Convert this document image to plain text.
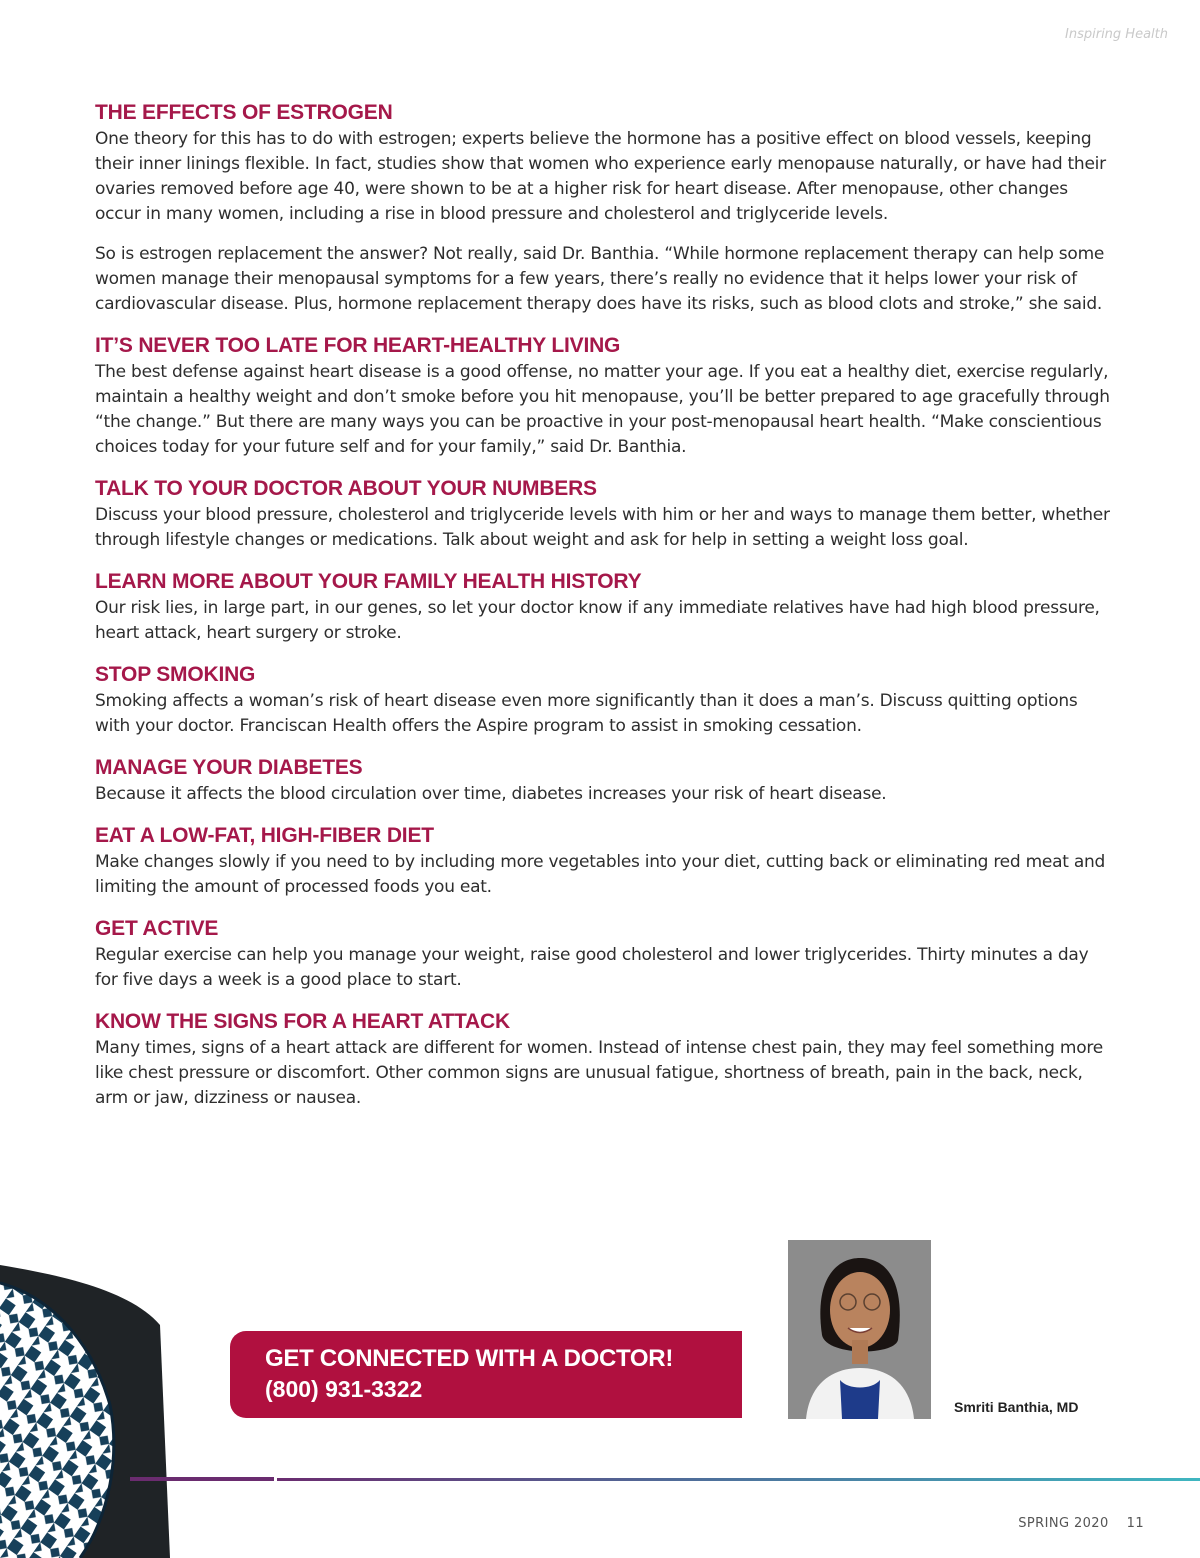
Inspiring Health
THE EFFECTS OF ESTROGEN

One theory for this has to do with estrogen; experts believe the hormone has a positive effect on blood vessels, keeping their inner linings flexible. In fact, studies show that women who experience early menopause naturally, or have had their ovaries removed before age 40, were shown to be at a higher risk for heart disease. After menopause, other changes occur in many women, including a rise in blood pressure and cholesterol and triglyceride levels.

So is estrogen replacement the answer? Not really, said Dr. Banthia. “While hormone replacement therapy can help some women manage their menopausal symptoms for a few years, there’s really no evidence that it helps lower your risk of cardiovascular disease. Plus, hormone replacement therapy does have its risks, such as blood clots and stroke,” she said.

IT’S NEVER TOO LATE FOR HEART-HEALTHY LIVING

The best defense against heart disease is a good offense, no matter your age. If you eat a healthy diet, exercise regularly, maintain a healthy weight and don’t smoke before you hit menopause, you’ll be better prepared to age gracefully through “the change.” But there are many ways you can be proactive in your post-menopausal heart health. “Make conscientious choices today for your future self and for your family,” said Dr. Banthia.

TALK TO YOUR DOCTOR ABOUT YOUR NUMBERS

Discuss your blood pressure, cholesterol and triglyceride levels with him or her and ways to manage them better, whether through lifestyle changes or medications. Talk about weight and ask for help in setting a weight loss goal.

LEARN MORE ABOUT YOUR FAMILY HEALTH HISTORY

Our risk lies, in large part, in our genes, so let your doctor know if any immediate relatives have had high blood pressure, heart attack, heart surgery or stroke.

STOP SMOKING

Smoking affects a woman’s risk of heart disease even more significantly than it does a man’s. Discuss quitting options with your doctor. Franciscan Health offers the Aspire program to assist in smoking cessation.

MANAGE YOUR DIABETES

Because it affects the blood circulation over time, diabetes increases your risk of heart disease.

EAT A LOW-FAT, HIGH-FIBER DIET

Make changes slowly if you need to by including more vegetables into your diet, cutting back or eliminating red meat and limiting the amount of processed foods you eat.

GET ACTIVE

Regular exercise can help you manage your weight, raise good cholesterol and lower triglycerides. Thirty minutes a day for five days a week is a good place to start.

KNOW THE SIGNS FOR A HEART ATTACK

Many times, signs of a heart attack are different for women. Instead of intense chest pain, they may feel something more like chest pressure or discomfort. Other common signs are unusual fatigue, shortness of breath, pain in the back, neck, arm or jaw, dizziness or nausea.

GET CONNECTED WITH A DOCTOR!
(800) 931-3322
Smriti Banthia, MD
SPRING 2020 11
